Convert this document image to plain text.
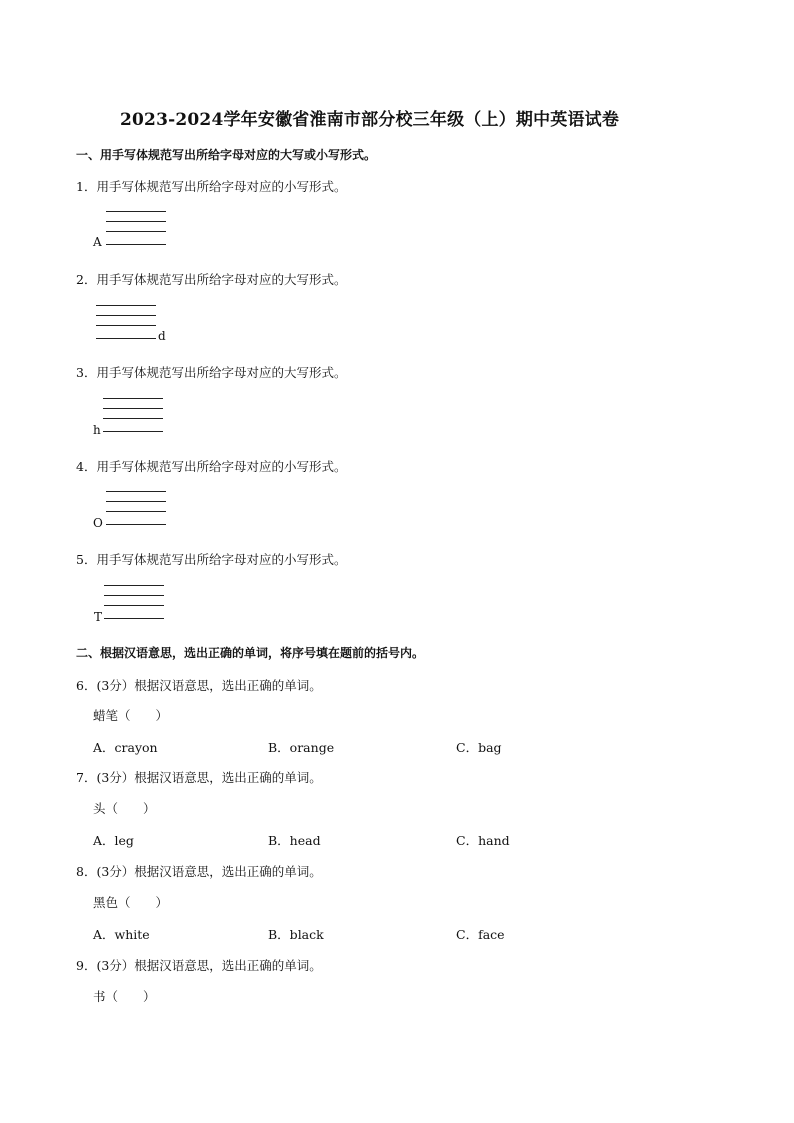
2023-2024学年安徽省淮南市部分校三年级（上）期中英语试卷
一、用手写体规范写出所给字母对应的大写或小写形式。
1．用手写体规范写出所给字母对应的小写形式。
A
2．用手写体规范写出所给字母对应的大写形式。
d
3．用手写体规范写出所给字母对应的大写形式。
h
4．用手写体规范写出所给字母对应的小写形式。
O
5．用手写体规范写出所给字母对应的小写形式。
T
二、根据汉语意思，选出正确的单词，将序号填在题前的括号内。
6．(3分）根据汉语意思，选出正确的单词。
蜡笔（　　）
A．crayon	B．orange	C．bag
7．(3分）根据汉语意思，选出正确的单词。
头（　　）
A．leg	B．head	C．hand
8．(3分）根据汉语意思，选出正确的单词。
黑色（　　）
A．white	B．black	C．face
9．(3分）根据汉语意思，选出正确的单词。
书（　　）
